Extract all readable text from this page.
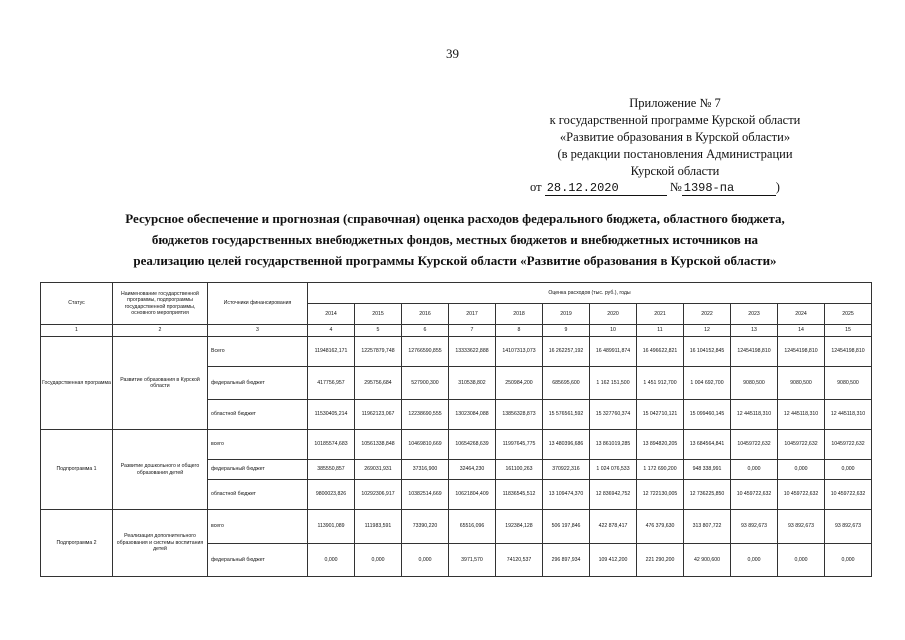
39
Приложение № 7
к государственной программе Курской области
«Развитие образования в Курской области»
(в редакции постановления Администрации
Курской области
от 28.12.2020	№ 1398-па	)
Ресурсное обеспечение и прогнозная (справочная) оценка расходов федерального бюджета, областного бюджета,
бюджетов государственных внебюджетных фондов, местных бюджетов и внебюджетных источников на
реализацию целей государственной программы Курской области «Развитие образования в Курской области»
Статус	Наименование государственной программы, подпрограммы государственной программы, основного мероприятия	Источники финансирования	Оценка расходов (тыс. руб.), годы											
			2014	2015	2016	2017	2018	2019	2020	2021	2022	2023	2024	2025
1	2	3	4	5	6	7	8	9	10	11	12	13	14	15
Государственная программа	Развитие образования в Курской области	Всего	11948162,171	12257879,748	12766590,855	13333622,888	14107313,073	16 262257,192	16 489911,874	16 496622,821	16 104152,845	12454198,810	12454198,810	12454198,810
		федеральный бюджет	417756,957	295756,684	527900,300	310538,802	250984,200	685695,600	1 162 151,500	1 451 912,700	1 004 692,700	9080,500	9080,500	9080,500
		областной бюджет	11530405,214	11962123,067	12238690,555	13023084,088	13856328,873	15 576561,592	15 327760,374	15 042710,121	15 099460,145	12 445118,310	12 445118,310	12 445118,310
Подпрограмма 1	Развитие дошкольного и общего образования детей	всего	10185574,683	10561338,848	10469810,669	10654268,639	11997645,775	13 480396,686	13 861019,285	13 894820,205	13 684564,841	10459722,632	10459722,632	10459722,632
		федеральный бюджет	385550,857	269031,931	37316,900	32464,230	161100,263	370922,316	1 024 076,533	1 172 690,200	948 338,991	0,000	0,000	0,000
		областной бюджет	9800023,826	10292306,917	10382514,669	10621804,409	11836545,512	13 109474,370	12 836942,752	12 722130,005	12 736225,850	10 459722,632	10 459722,632	10 459722,632
Подпрограмма 2	Реализация дополнительного образования и системы воспитания детей	всего	113901,089	111983,591	73390,220	65516,096	192384,128	506 197,846	422 878,417	476 379,630	313 807,722	93 892,673	93 892,673	93 892,673
		федеральный бюджет	0,000	0,000	0,000	3971,570	74120,537	296 897,934	109 412,200	221 290,200	42 900,600	0,000	0,000	0,000
